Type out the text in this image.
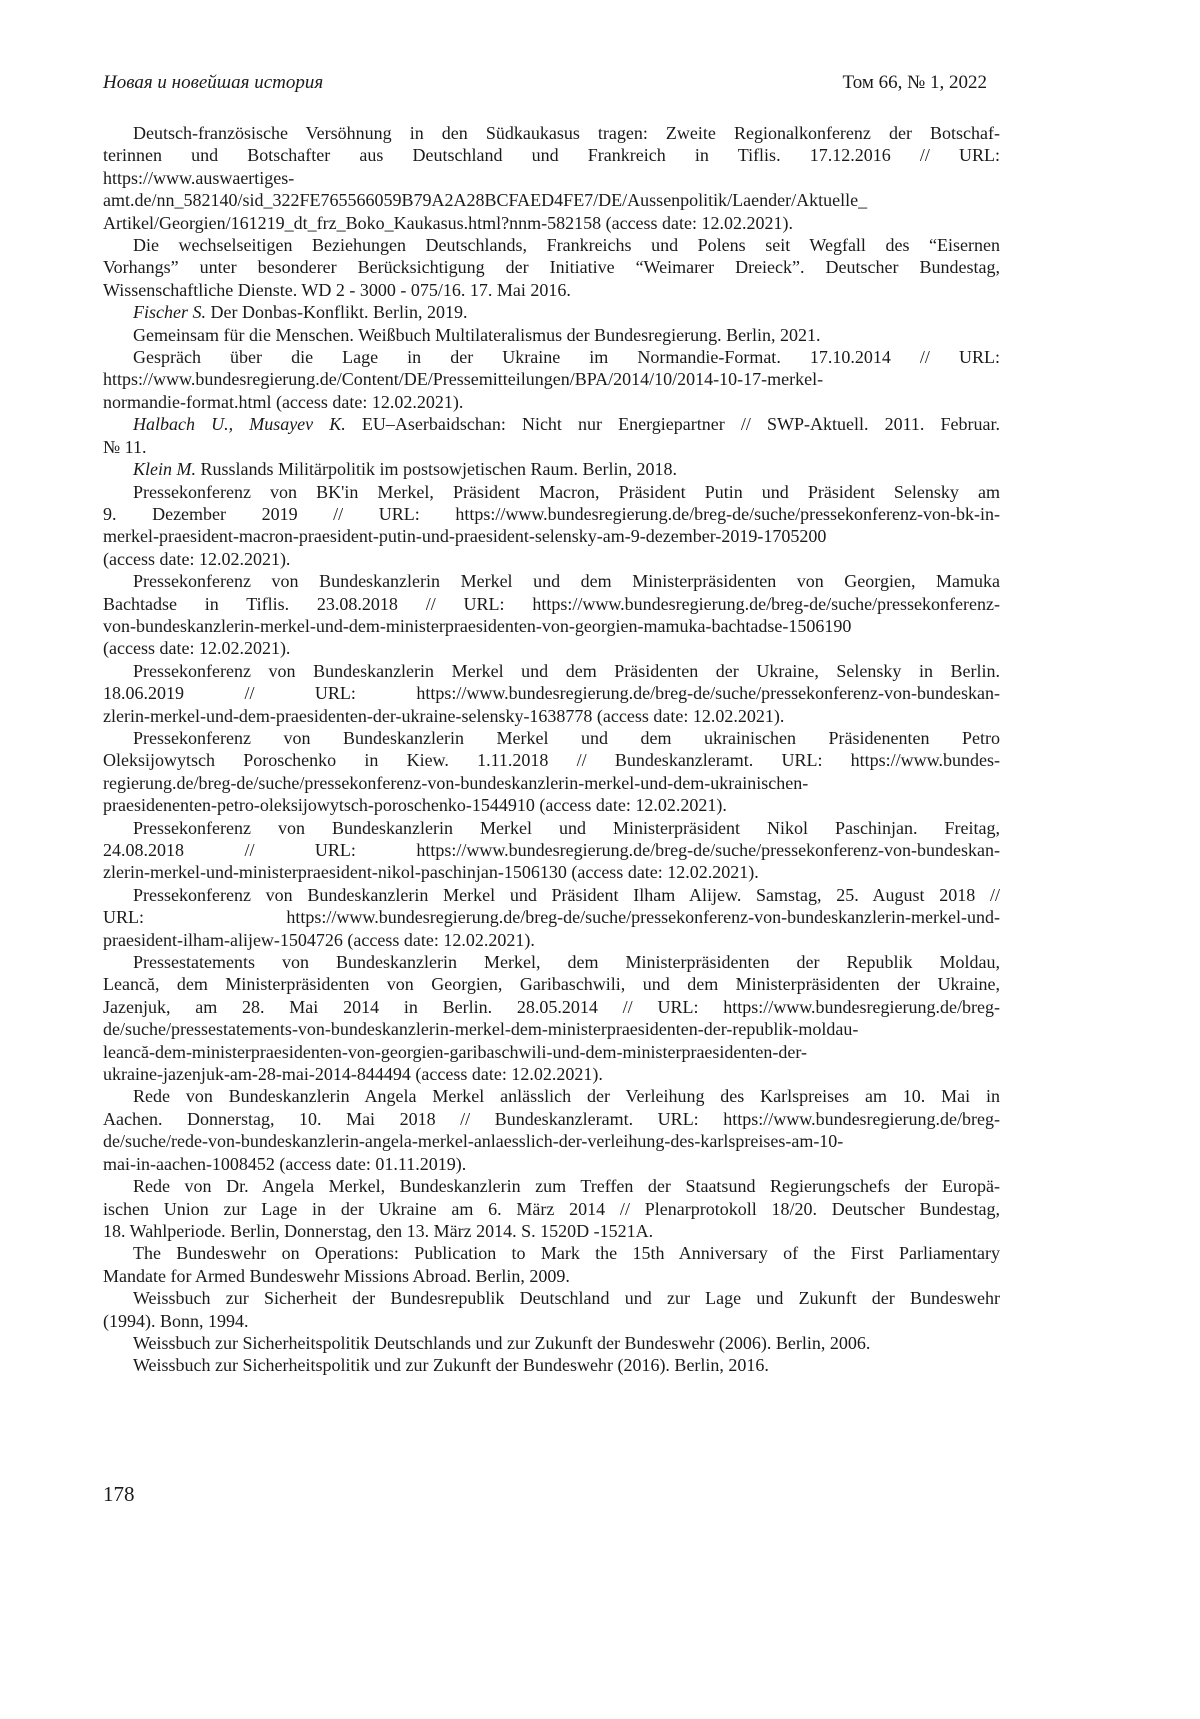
Новая и новейшая история	Том 66, № 1, 2022
Deutsch-französische Versöhnung in den Südkaukasus tragen: Zweite Regionalkonferenz der Botschaf-
terinnen und Botschafter aus Deutschland und Frankreich in Tiflis. 17.12.2016 // URL:
https://www.auswaertiges-
amt.de/nn_582140/sid_322FE765566059B79A2A28BCFAED4FE7/DE/Aussenpolitik/Laender/Aktuelle_
Artikel/Georgien/161219_dt_frz_Boko_Kaukasus.html?nnm-582158 (access date: 12.02.2021).
Die wechselseitigen Beziehungen Deutschlands, Frankreichs und Polens seit Wegfall des “Eisernen
Vorhangs” unter besonderer Berücksichtigung der Initiative “Weimarer Dreieck”. Deutscher Bundestag,
Wissenschaftliche Dienste. WD 2 - 3000 - 075/16. 17. Mai 2016.
Fischer S. Der Donbas-Konflikt. Berlin, 2019.
Gemeinsam für die Menschen. Weißbuch Multilateralismus der Bundesregierung. Berlin, 2021.
Gespräch über die Lage in der Ukraine im Normandie-Format. 17.10.2014 // URL:
https://www.bundesregierung.de/Content/DE/Pressemitteilungen/BPA/2014/10/2014-10-17-merkel-
normandie-format.html (access date: 12.02.2021).
Halbach U., Musayev K. EU–Aserbaidschan: Nicht nur Energiepartner // SWP-Aktuell. 2011. Februar.
№ 11.
Klein M. Russlands Militärpolitik im postsowjetischen Raum. Berlin, 2018.
Pressekonferenz von BK'in Merkel, Präsident Macron, Präsident Putin und Präsident Selensky am
9. Dezember 2019 // URL: https://www.bundesregierung.de/breg-de/suche/pressekonferenz-von-bk-in-
merkel-praesident-macron-praesident-putin-und-praesident-selensky-am-9-dezember-2019-1705200
(access date: 12.02.2021).
Pressekonferenz von Bundeskanzlerin Merkel und dem Ministerpräsidenten von Georgien, Mamuka
Bachtadse in Tiflis. 23.08.2018 // URL: https://www.bundesregierung.de/breg-de/suche/pressekonferenz-
von-bundeskanzlerin-merkel-und-dem-ministerpraesidenten-von-georgien-mamuka-bachtadse-1506190
(access date: 12.02.2021).
Pressekonferenz von Bundeskanzlerin Merkel und dem Präsidenten der Ukraine, Selensky in Berlin.
18.06.2019 // URL: https://www.bundesregierung.de/breg-de/suche/pressekonferenz-von-bundeskan-
zlerin-merkel-und-dem-praesidenten-der-ukraine-selensky-1638778 (access date: 12.02.2021).
Pressekonferenz von Bundeskanzlerin Merkel und dem ukrainischen Präsidenenten Petro
Oleksijowytsch Poroschenko in Kiew. 1.11.2018 // Bundeskanzleramt. URL: https://www.bundes-
regierung.de/breg-de/suche/pressekonferenz-von-bundeskanzlerin-merkel-und-dem-ukrainischen-
praesidenenten-petro-oleksijowytsch-poroschenko-1544910 (access date: 12.02.2021).
Pressekonferenz von Bundeskanzlerin Merkel und Ministerpräsident Nikol Paschinjan. Freitag,
24.08.2018 // URL: https://www.bundesregierung.de/breg-de/suche/pressekonferenz-von-bundeskan-
zlerin-merkel-und-ministerpraesident-nikol-paschinjan-1506130 (access date: 12.02.2021).
Pressekonferenz von Bundeskanzlerin Merkel und Präsident Ilham Alijew. Samstag, 25. August 2018 //
URL: https://www.bundesregierung.de/breg-de/suche/pressekonferenz-von-bundeskanzlerin-merkel-und-
praesident-ilham-alijew-1504726 (access date: 12.02.2021).
Pressestatements von Bundeskanzlerin Merkel, dem Ministerpräsidenten der Republik Moldau,
Leancă, dem Ministerpräsidenten von Georgien, Garibaschwili, und dem Ministerpräsidenten der Ukraine,
Jazenjuk, am 28. Mai 2014 in Berlin. 28.05.2014 // URL: https://www.bundesregierung.de/breg-
de/suche/pressestatements-von-bundeskanzlerin-merkel-dem-ministerpraesidenten-der-republik-moldau-
leancă-dem-ministerpraesidenten-von-georgien-garibaschwili-und-dem-ministerpraesidenten-der-
ukraine-jazenjuk-am-28-mai-2014-844494 (access date: 12.02.2021).
Rede von Bundeskanzlerin Angela Merkel anlässlich der Verleihung des Karlspreises am 10. Mai in
Aachen. Donnerstag, 10. Mai 2018 // Bundeskanzleramt. URL: https://www.bundesregierung.de/breg-
de/suche/rede-von-bundeskanzlerin-angela-merkel-anlaesslich-der-verleihung-des-karlspreises-am-10-
mai-in-aachen-1008452 (access date: 01.11.2019).
Rede von Dr. Angela Merkel, Bundeskanzlerin zum Treffen der Staatsund Regierungschefs der Europä-
ischen Union zur Lage in der Ukraine am 6. März 2014 // Plenarprotokoll 18/20. Deutscher Bundestag,
18. Wahlperiode. Berlin, Donnerstag, den 13. März 2014. S. 1520D -1521A.
The Bundeswehr on Operations: Publication to Mark the 15th Anniversary of the First Parliamentary
Mandate for Armed Bundeswehr Missions Abroad. Berlin, 2009.
Weissbuch zur Sicherheit der Bundesrepublik Deutschland und zur Lage und Zukunft der Bundeswehr
(1994). Bonn, 1994.
Weissbuch zur Sicherheitspolitik Deutschlands und zur Zukunft der Bundeswehr (2006). Berlin, 2006.
Weissbuch zur Sicherheitspolitik und zur Zukunft der Bundeswehr (2016). Berlin, 2016.
178
